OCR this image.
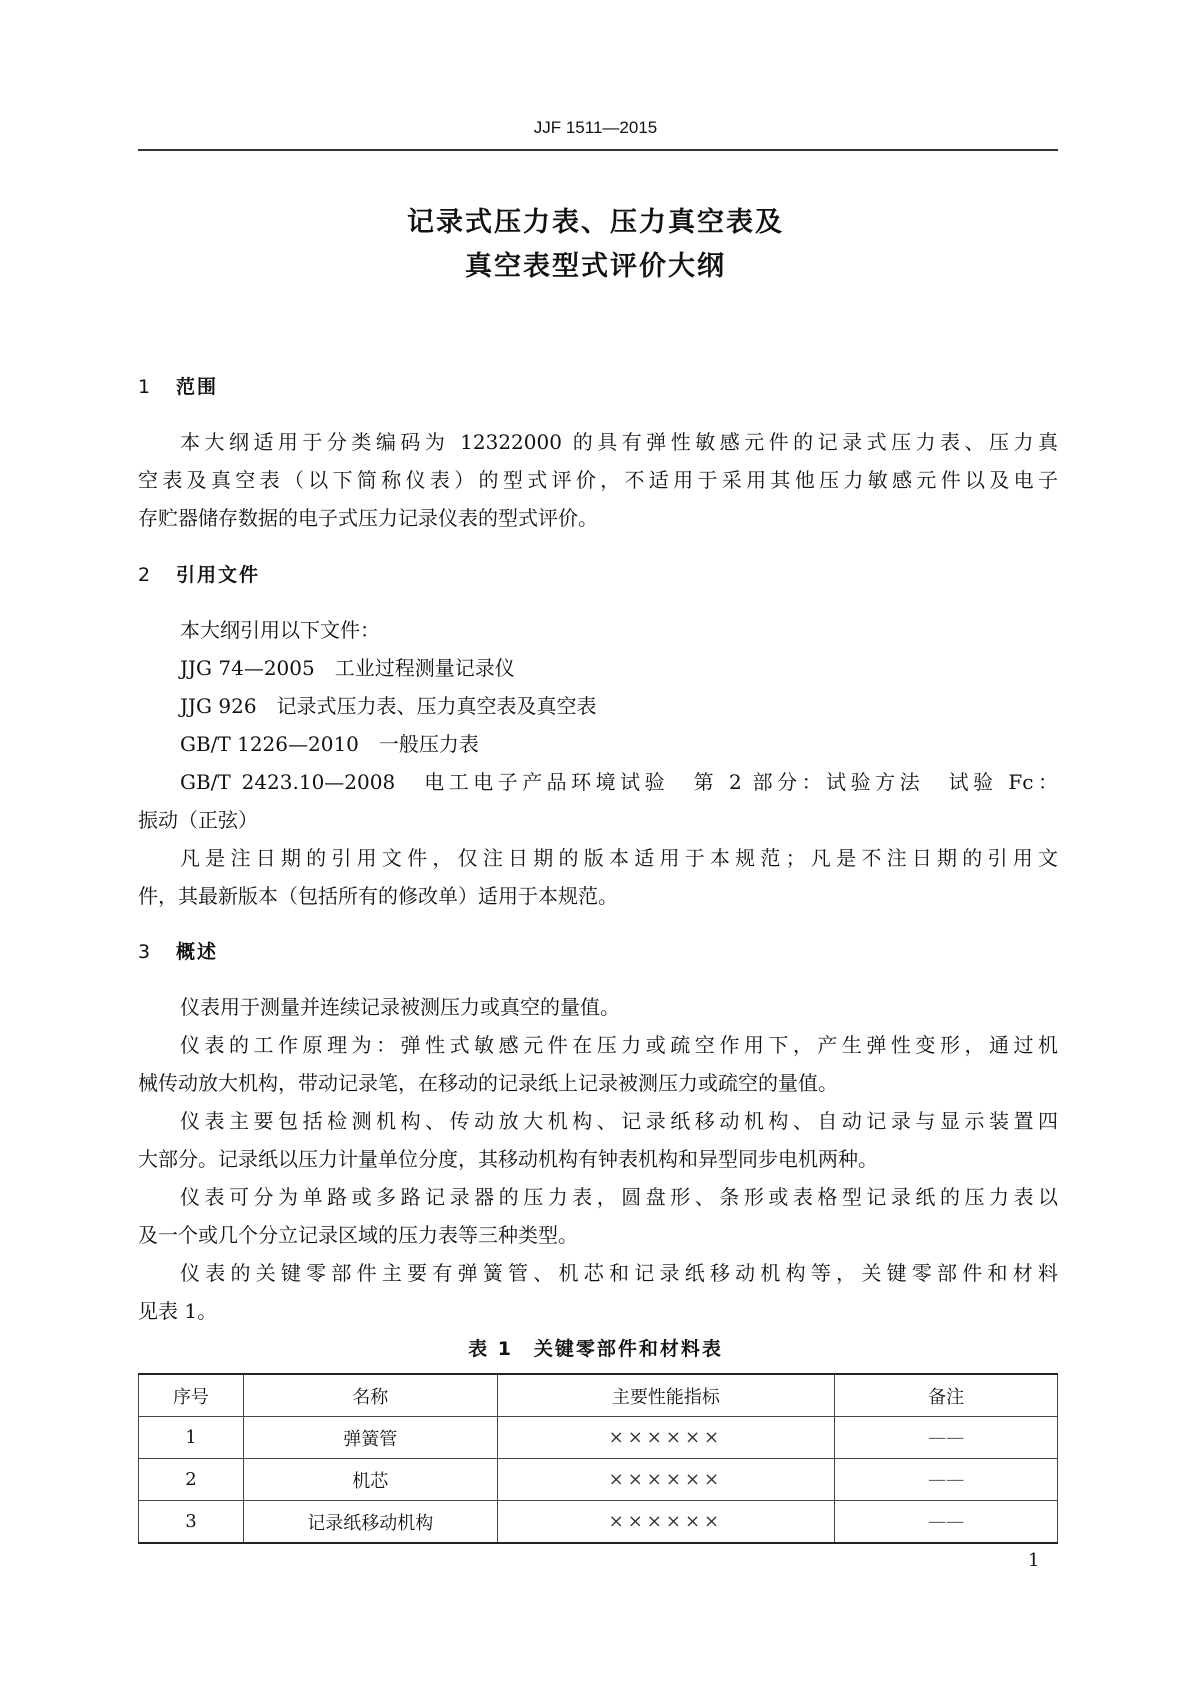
JJF 1511—2015
记录式压力表、压力真空表及
真空表型式评价大纲
1 范围
本大纲适用于分类编码为 12322000 的具有弹性敏感元件的记录式压力表、压力真
空表及真空表（以下简称仪表）的型式评价，不适用于采用其他压力敏感元件以及电子
存贮器储存数据的电子式压力记录仪表的型式评价。
2 引用文件
本大纲引用以下文件：
JJG 74—2005　工业过程测量记录仪
JJG 926　记录式压力表、压力真空表及真空表
GB/T 1226—2010　一般压力表
GB/T 2423.10—2008　电工电子产品环境试验　第 2 部分：试验方法　试验 Fc：
振动（正弦）
凡是注日期的引用文件，仅注日期的版本适用于本规范；凡是不注日期的引用文
件，其最新版本（包括所有的修改单）适用于本规范。
3 概述
仪表用于测量并连续记录被测压力或真空的量值。
仪表的工作原理为：弹性式敏感元件在压力或疏空作用下，产生弹性变形，通过机
械传动放大机构，带动记录笔，在移动的记录纸上记录被测压力或疏空的量值。
仪表主要包括检测机构、传动放大机构、记录纸移动机构、自动记录与显示装置四
大部分。记录纸以压力计量单位分度，其移动机构有钟表机构和异型同步电机两种。
仪表可分为单路或多路记录器的压力表，圆盘形、条形或表格型记录纸的压力表以
及一个或几个分立记录区域的压力表等三种类型。
仪表的关键零部件主要有弹簧管、机芯和记录纸移动机构等，关键零部件和材料
见表 1。
表 1　关键零部件和材料表
序号	名称	主要性能指标	备注
1	弹簧管	××××××	——
2	机芯	××××××	——
3	记录纸移动机构	××××××	——
1
